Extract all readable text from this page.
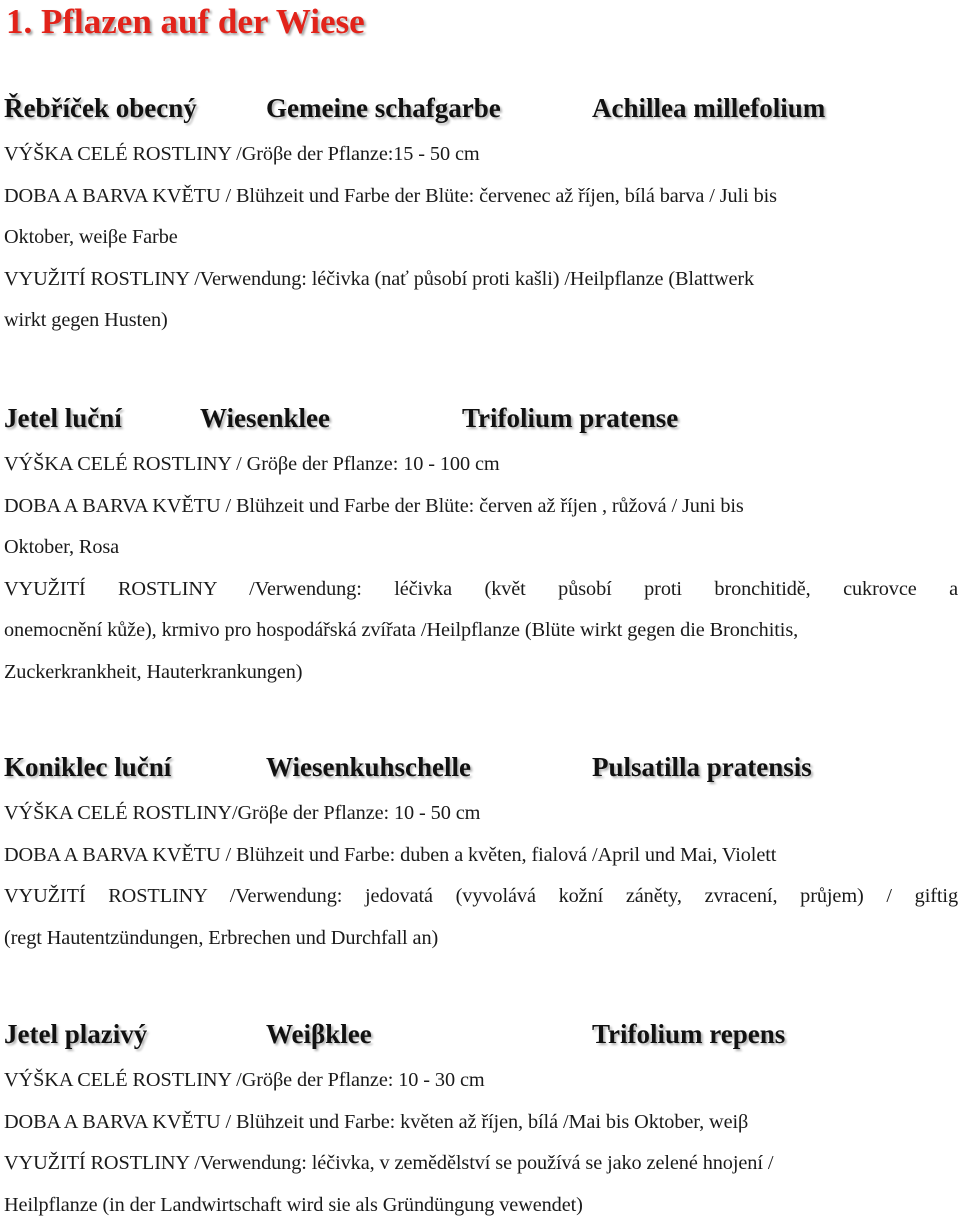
1. Pflazen auf der Wiese
Řebříček obecný	Gemeine schafgarbe	Achillea millefolium
VÝŠKA CELÉ ROSTLINY /Gröβe der Pflanze:15 - 50 cm
DOBA A BARVA KVĚTU / Blühzeit und Farbe der Blüte: červenec až říjen, bílá barva / Juli bis
Oktober, weiβe Farbe
VYUŽITÍ ROSTLINY /Verwendung: léčivka (nať působí proti kašli) /Heilpflanze (Blattwerk
wirkt gegen Husten)
Jetel luční	Wiesenklee	Trifolium pratense
VÝŠKA CELÉ ROSTLINY / Gröβe der Pflanze: 10 - 100 cm
DOBA A BARVA KVĚTU / Blühzeit und Farbe der Blüte: červen až říjen , růžová / Juni bis
Oktober, Rosa
VYUŽITÍ ROSTLINY /Verwendung: léčivka (květ působí proti bronchitidě, cukrovce a
onemocnění kůže), krmivo pro hospodářská zvířata /Heilpflanze (Blüte wirkt gegen die Bronchitis,
Zuckerkrankheit, Hauterkrankungen)
Koniklec luční	Wiesenkuhschelle	Pulsatilla pratensis
VÝŠKA CELÉ ROSTLINY/Gröβe der Pflanze: 10 - 50 cm
DOBA A BARVA KVĚTU / Blühzeit und Farbe: duben a květen, fialová /April und Mai, Violett
VYUŽITÍ ROSTLINY /Verwendung: jedovatá (vyvolává kožní záněty, zvracení, průjem) / giftig
(regt Hautentzündungen, Erbrechen und Durchfall an)
Jetel plazivý	Weiβklee	Trifolium repens
VÝŠKA CELÉ ROSTLINY /Gröβe der Pflanze: 10 - 30 cm
DOBA A BARVA KVĚTU / Blühzeit und Farbe: květen až říjen, bílá /Mai bis Oktober, weiβ
VYUŽITÍ ROSTLINY /Verwendung: léčivka, v zemědělství se používá se jako zelené hnojení /
Heilpflanze (in der Landwirtschaft wird sie als Gründüngung vewendet)
